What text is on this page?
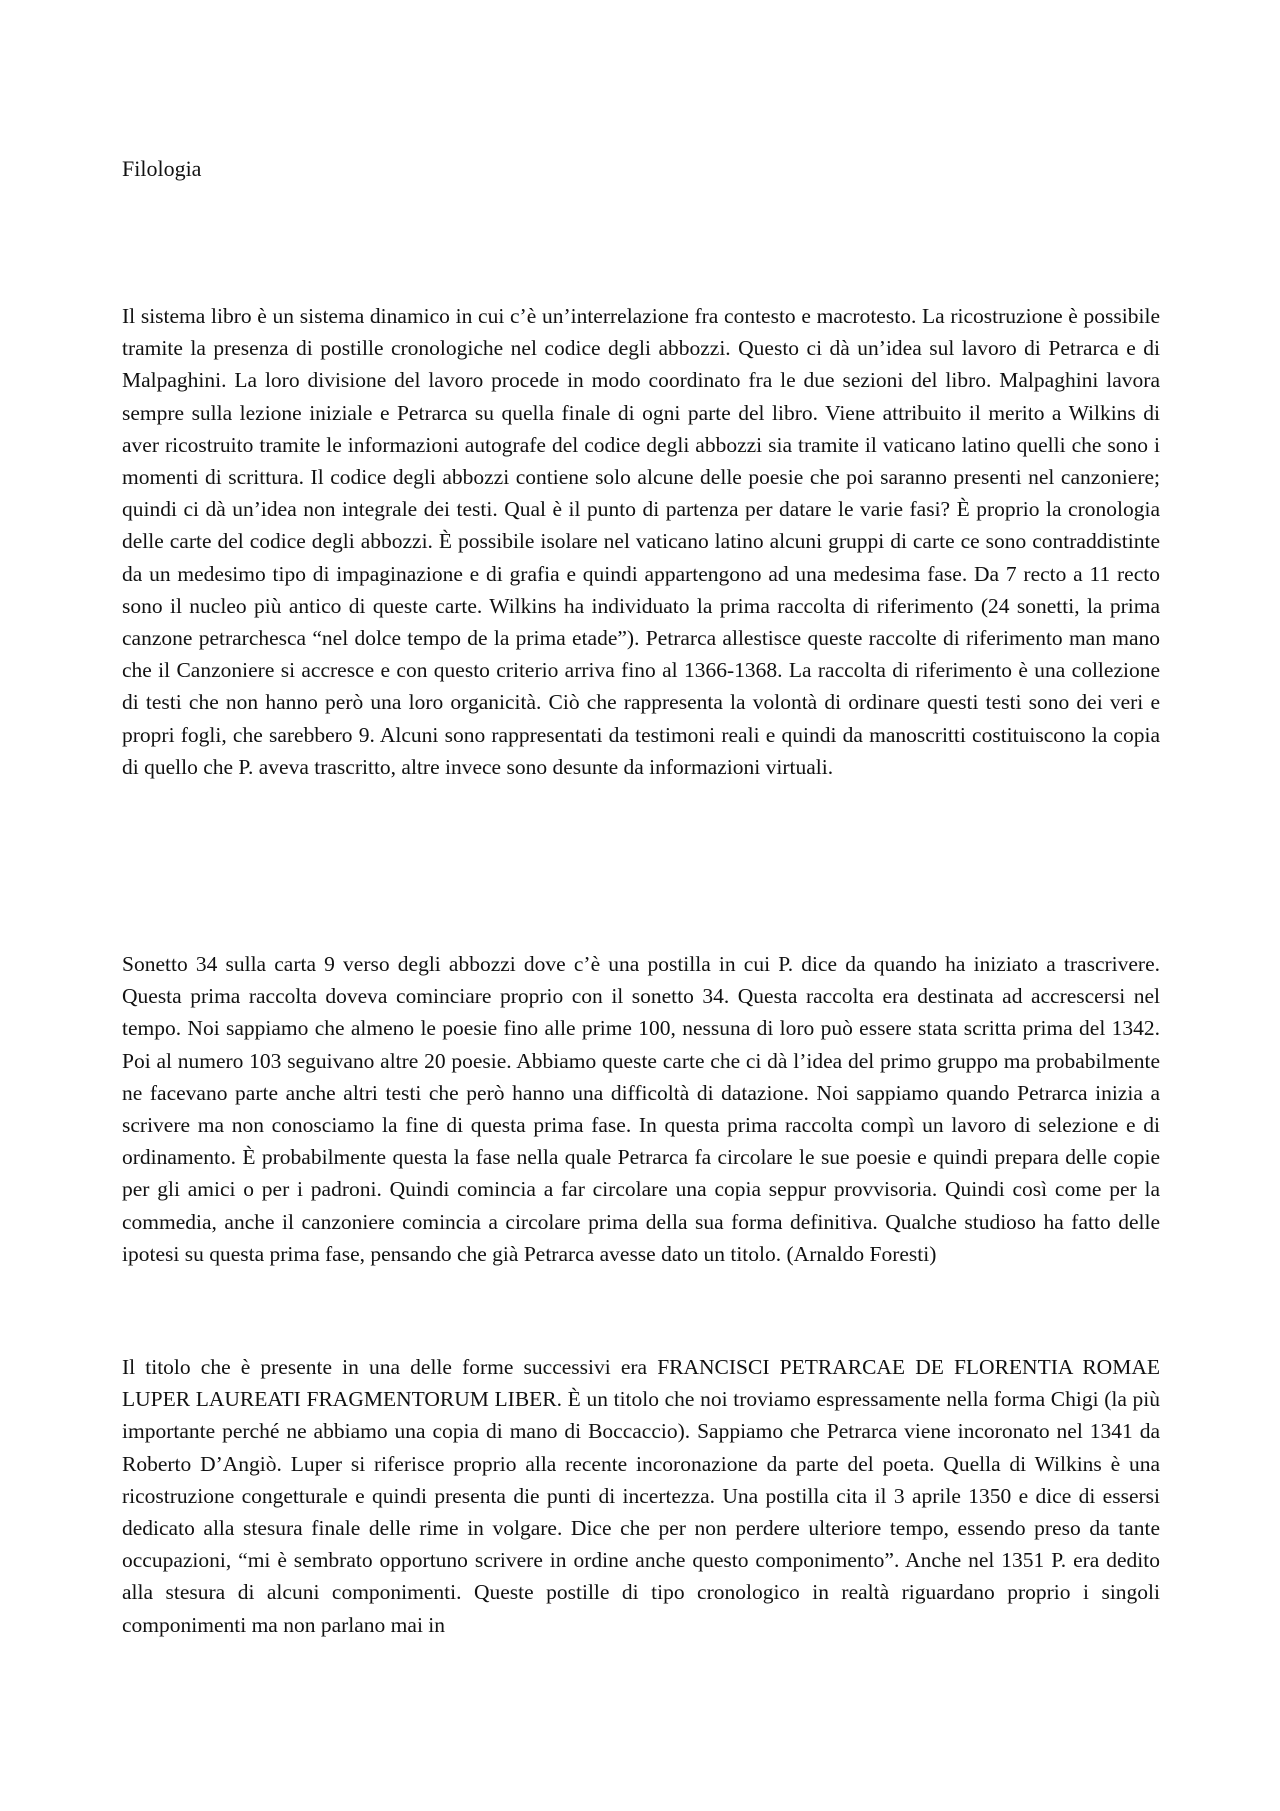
Filologia

Il sistema libro è un sistema dinamico in cui c’è un’interrelazione fra contesto e macrotesto. La ricostruzione è possibile tramite la presenza di postille cronologiche nel codice degli abbozzi. Questo ci dà un’idea sul lavoro di Petrarca e di Malpaghini. La loro divisione del lavoro procede in modo coordinato fra le due sezioni del libro. Malpaghini lavora sempre sulla lezione iniziale e Petrarca su quella finale di ogni parte del libro. Viene attribuito il merito a Wilkins di aver ricostruito tramite le informazioni autografe del codice degli abbozzi sia tramite il vaticano latino quelli che sono i momenti di scrittura. Il codice degli abbozzi contiene solo alcune delle poesie che poi saranno presenti nel canzoniere; quindi ci dà un’idea non integrale dei testi. Qual è il punto di partenza per datare le varie fasi? È proprio la cronologia delle carte del codice degli abbozzi. È possibile isolare nel vaticano latino alcuni gruppi di carte ce sono contraddistinte da un medesimo tipo di impaginazione e di grafia e quindi appartengono ad una medesima fase. Da 7 recto a 11 recto sono il nucleo più antico di queste carte. Wilkins ha individuato la prima raccolta di riferimento (24 sonetti, la prima canzone petrarchesca “nel dolce tempo de la prima etade”). Petrarca allestisce queste raccolte di riferimento man mano che il Canzoniere si accresce e con questo criterio arriva fino al 1366-1368. La raccolta di riferimento è una collezione di testi che non hanno però una loro organicità. Ciò che rappresenta la volontà di ordinare questi testi sono dei veri e propri fogli, che sarebbero 9. Alcuni sono rappresentati da testimoni reali e quindi da manoscritti costituiscono la copia di quello che P. aveva trascritto, altre invece sono desunte da informazioni virtuali.

Sonetto 34 sulla carta 9 verso degli abbozzi dove c’è una postilla in cui P. dice da quando ha iniziato a trascrivere. Questa prima raccolta doveva cominciare proprio con il sonetto 34. Questa raccolta era destinata ad accrescersi nel tempo. Noi sappiamo che almeno le poesie fino alle prime 100, nessuna di loro può essere stata scritta prima del 1342. Poi al numero 103 seguivano altre 20 poesie. Abbiamo queste carte che ci dà l’idea del primo gruppo ma probabilmente ne facevano parte anche altri testi che però hanno una difficoltà di datazione. Noi sappiamo quando Petrarca inizia a scrivere ma non conosciamo la fine di questa prima fase. In questa prima raccolta compì un lavoro di selezione e di ordinamento. È probabilmente questa la fase nella quale Petrarca fa circolare le sue poesie e quindi prepara delle copie per gli amici o per i padroni. Quindi comincia a far circolare una copia seppur provvisoria. Quindi così come per la commedia, anche il canzoniere comincia a circolare prima della sua forma definitiva. Qualche studioso ha fatto delle ipotesi su questa prima fase, pensando che già Petrarca avesse dato un titolo. (Arnaldo Foresti)

Il titolo che è presente in una delle forme successivi era FRANCISCI PETRARCAE DE FLORENTIA ROMAE LUPER LAUREATI FRAGMENTORUM LIBER. È un titolo che noi troviamo espressamente nella forma Chigi (la più importante perché ne abbiamo una copia di mano di Boccaccio). Sappiamo che Petrarca viene incoronato nel 1341 da Roberto D’Angiò. Luper si riferisce proprio alla recente incoronazione da parte del poeta. Quella di Wilkins è una ricostruzione congetturale e quindi presenta die punti di incertezza. Una postilla cita il 3 aprile 1350 e dice di essersi dedicato alla stesura finale delle rime in volgare. Dice che per non perdere ulteriore tempo, essendo preso da tante occupazioni, “mi è sembrato opportuno scrivere in ordine anche questo componimento”. Anche nel 1351 P. era dedito alla stesura di alcuni componimenti. Queste postille di tipo cronologico in realtà riguardano proprio i singoli componimenti ma non parlano mai in
